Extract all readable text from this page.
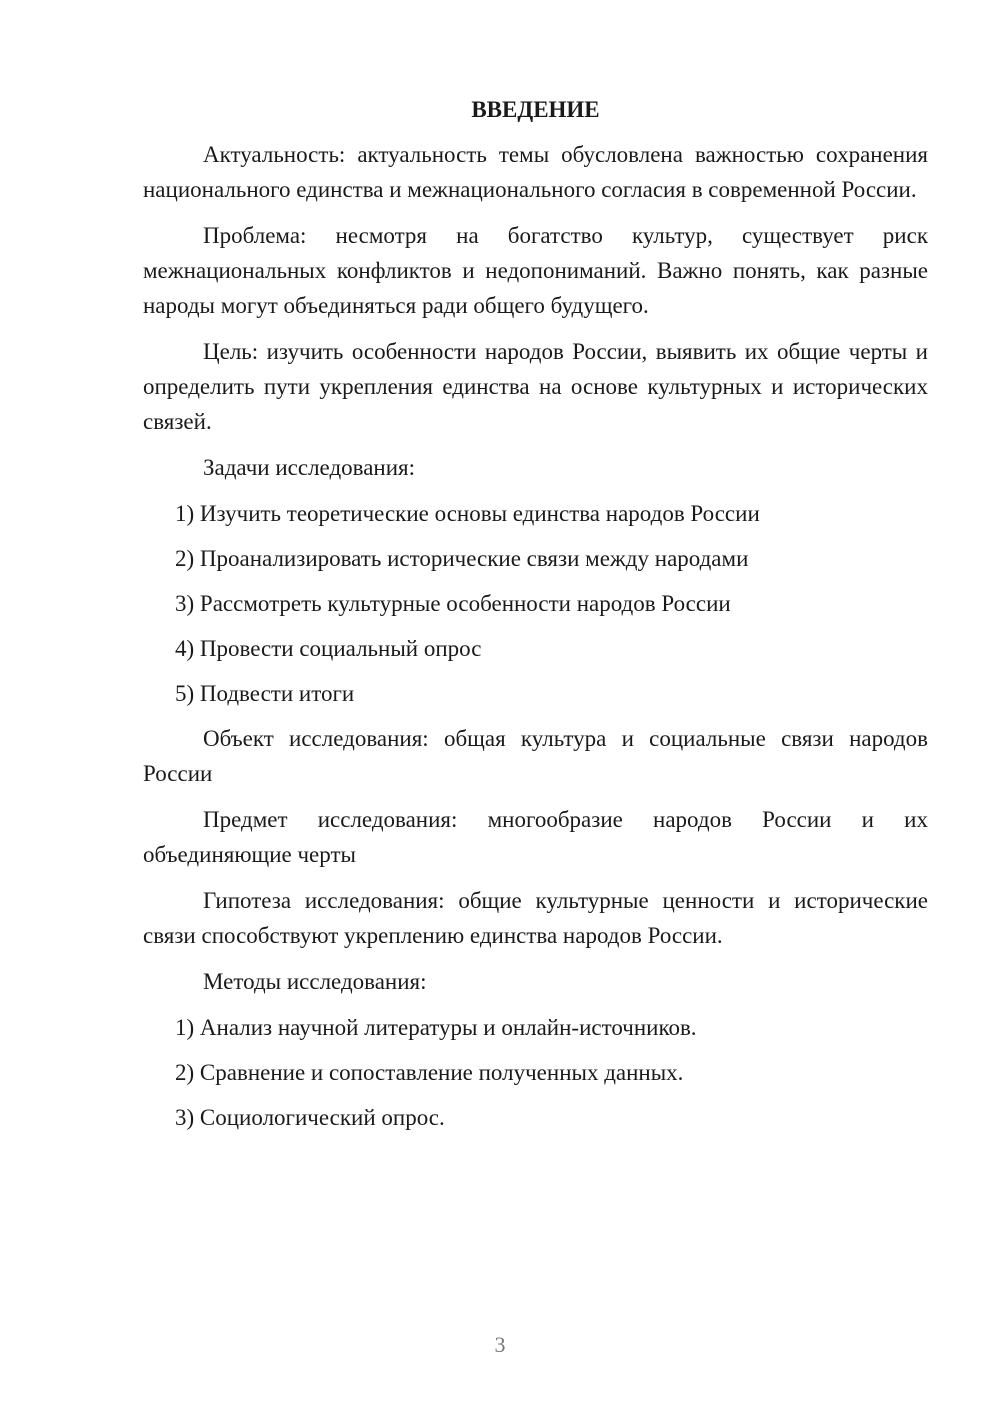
ВВЕДЕНИЕ

Актуальность: актуальность темы обусловлена важностью сохранения национального единства и межнационального согласия в современной России.

Проблема: несмотря на богатство культур, существует риск межнациональных конфликтов и недопониманий. Важно понять, как разные народы могут объединяться ради общего будущего.

Цель: изучить особенности народов России, выявить их общие черты и определить пути укрепления единства на основе культурных и исторических связей.

Задачи исследования:
1) Изучить теоретические основы единства народов России
2) Проанализировать исторические связи между народами
3) Рассмотреть культурные особенности народов России
4) Провести социальный опрос
5) Подвести итоги

Объект исследования: общая культура и социальные связи народов России

Предмет исследования: многообразие народов России и их объединяющие черты

Гипотеза исследования: общие культурные ценности и исторические связи способствуют укреплению единства народов России.

Методы исследования:
1) Анализ научной литературы и онлайн-источников.
2) Сравнение и сопоставление полученных данных.
3) Социологический опрос.
3
